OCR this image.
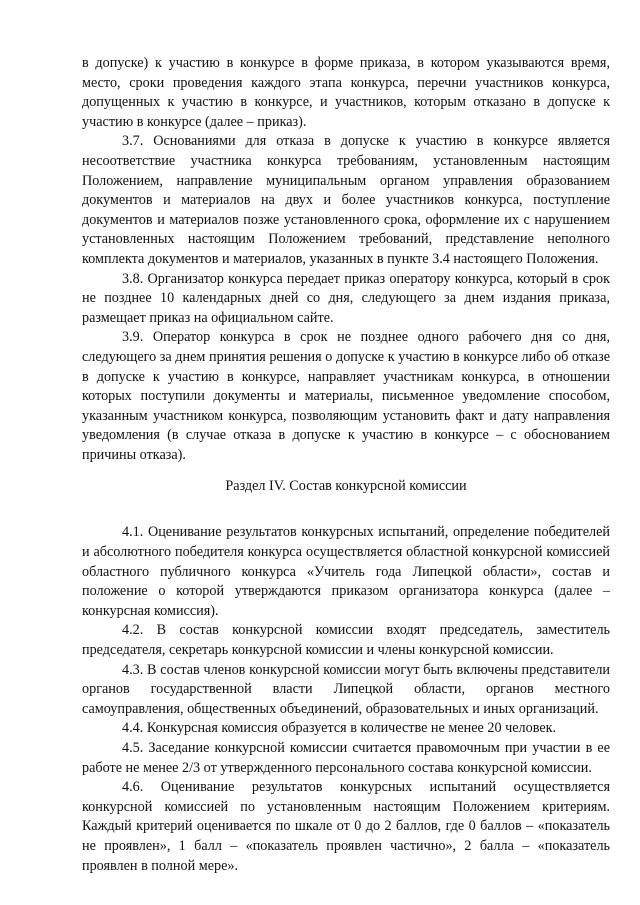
в допуске) к участию в конкурсе в форме приказа, в котором указываются время, место, сроки проведения каждого этапа конкурса, перечни участников конкурса, допущенных к участию в конкурсе, и участников, которым отказано в допуске к участию в конкурсе (далее – приказ).

3.7. Основаниями для отказа в допуске к участию в конкурсе является несоответствие участника конкурса требованиям, установленным настоящим Положением, направление муниципальным органом управления образованием документов и материалов на двух и более участников конкурса, поступление документов и материалов позже установленного срока, оформление их с нарушением установленных настоящим Положением требований, представление неполного комплекта документов и материалов, указанных в пункте 3.4 настоящего Положения.

3.8. Организатор конкурса передает приказ оператору конкурса, который в срок не позднее 10 календарных дней со дня, следующего за днем издания приказа, размещает приказ на официальном сайте.

3.9. Оператор конкурса в срок не позднее одного рабочего дня со дня, следующего за днем принятия решения о допуске к участию в конкурсе либо об отказе в допуске к участию в конкурсе, направляет участникам конкурса, в отношении которых поступили документы и материалы, письменное уведомление способом, указанным участником конкурса, позволяющим установить факт и дату направления уведомления (в случае отказа в допуске к участию в конкурсе – с обоснованием причины отказа).

Раздел IV. Состав конкурсной комиссии

4.1. Оценивание результатов конкурсных испытаний, определение победителей и абсолютного победителя конкурса осуществляется областной конкурсной комиссией областного публичного конкурса «Учитель года Липецкой области», состав и положение о которой утверждаются приказом организатора конкурса (далее – конкурсная комиссия).

4.2. В состав конкурсной комиссии входят председатель, заместитель председателя, секретарь конкурсной комиссии и члены конкурсной комиссии.

4.3. В состав членов конкурсной комиссии могут быть включены представители органов государственной власти Липецкой области, органов местного самоуправления, общественных объединений, образовательных и иных организаций.

4.4. Конкурсная комиссия образуется в количестве не менее 20 человек.

4.5. Заседание конкурсной комиссии считается правомочным при участии в ее работе не менее 2/3 от утвержденного персонального состава конкурсной комиссии.

4.6. Оценивание результатов конкурсных испытаний осуществляется конкурсной комиссией по установленным настоящим Положением критериям. Каждый критерий оценивается по шкале от 0 до 2 баллов, где 0 баллов – «показатель не проявлен», 1 балл – «показатель проявлен частично», 2 балла – «показатель проявлен в полной мере».
